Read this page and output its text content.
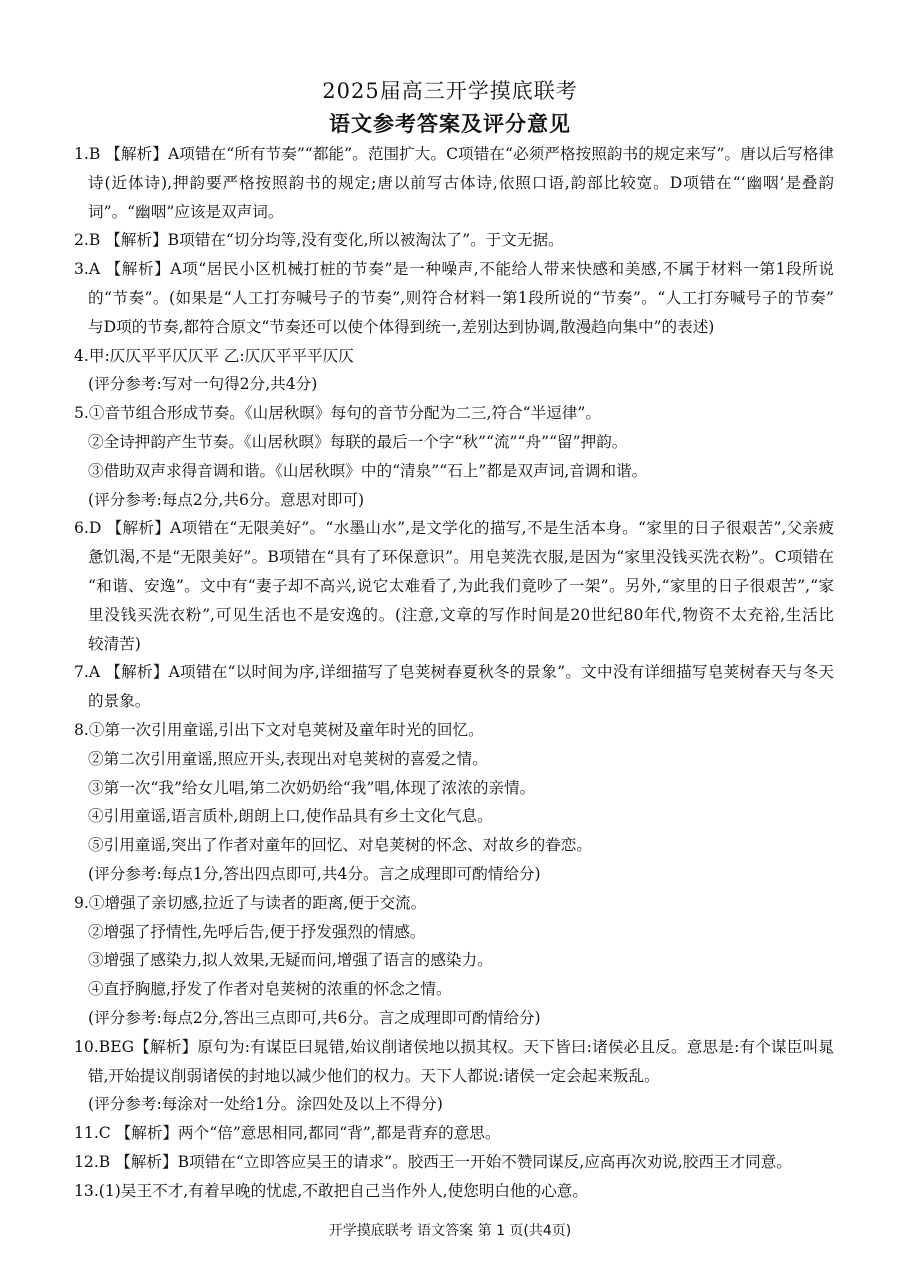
2025届高三开学摸底联考
语文参考答案及评分意见
1.B 【解析】A项错在“所有节奏”“都能”。范围扩大。C项错在“必须严格按照韵书的规定来写”。唐以后写格律
诗(近体诗),押韵要严格按照韵书的规定;唐以前写古体诗,依照口语,韵部比较宽。D项错在“‘幽咽’是叠韵
词”。“幽咽”应该是双声词。
2.B 【解析】B项错在“切分均等,没有变化,所以被淘汰了”。于文无据。
3.A 【解析】A项“居民小区机械打桩的节奏”是一种噪声,不能给人带来快感和美感,不属于材料一第1段所说
的“节奏”。(如果是“人工打夯喊号子的节奏”,则符合材料一第1段所说的“节奏”。“人工打夯喊号子的节奏”
与D项的节奏,都符合原文“节奏还可以使个体得到统一,差别达到协调,散漫趋向集中”的表述)
4.甲:仄仄平平仄仄平 乙:仄仄平平平仄仄
(评分参考:写对一句得2分,共4分)
5.①音节组合形成节奏。《山居秋暝》每句的音节分配为二三,符合“半逗律”。
②全诗押韵产生节奏。《山居秋暝》每联的最后一个字“秋”“流”“舟”“留”押韵。
③借助双声求得音调和谐。《山居秋暝》中的“清泉”“石上”都是双声词,音调和谐。
(评分参考:每点2分,共6分。意思对即可)
6.D 【解析】A项错在“无限美好”。“水墨山水”,是文学化的描写,不是生活本身。“家里的日子很艰苦”,父亲疲
惫饥渴,不是“无限美好”。B项错在“具有了环保意识”。用皂荚洗衣服,是因为“家里没钱买洗衣粉”。C项错在
“和谐、安逸”。文中有“妻子却不高兴,说它太难看了,为此我们竟吵了一架”。另外,“家里的日子很艰苦”,“家
里没钱买洗衣粉”,可见生活也不是安逸的。(注意,文章的写作时间是20世纪80年代,物资不太充裕,生活比
较清苦)
7.A 【解析】A项错在“以时间为序,详细描写了皂荚树春夏秋冬的景象”。文中没有详细描写皂荚树春天与冬天
的景象。
8.①第一次引用童谣,引出下文对皂荚树及童年时光的回忆。
②第二次引用童谣,照应开头,表现出对皂荚树的喜爱之情。
③第一次“我”给女儿唱,第二次奶奶给“我”唱,体现了浓浓的亲情。
④引用童谣,语言质朴,朗朗上口,使作品具有乡土文化气息。
⑤引用童谣,突出了作者对童年的回忆、对皂荚树的怀念、对故乡的眷恋。
(评分参考:每点1分,答出四点即可,共4分。言之成理即可酌情给分)
9.①增强了亲切感,拉近了与读者的距离,便于交流。
②增强了抒情性,先呼后告,便于抒发强烈的情感。
③增强了感染力,拟人效果,无疑而问,增强了语言的感染力。
④直抒胸臆,抒发了作者对皂荚树的浓重的怀念之情。
(评分参考:每点2分,答出三点即可,共6分。言之成理即可酌情给分)
10.BEG【解析】原句为:有谋臣曰晁错,始议削诸侯地以损其权。天下皆曰:诸侯必且反。意思是:有个谋臣叫晁
错,开始提议削弱诸侯的封地以减少他们的权力。天下人都说:诸侯一定会起来叛乱。
(评分参考:每涂对一处给1分。涂四处及以上不得分)
11.C 【解析】两个“倍”意思相同,都同“背”,都是背弃的意思。
12.B 【解析】B项错在“立即答应吴王的请求”。胶西王一开始不赞同谋反,应高再次劝说,胶西王才同意。
13.(1)吴王不才,有着早晚的忧虑,不敢把自己当作外人,使您明白他的心意。
开学摸底联考 语文答案 第 1 页(共4页)
